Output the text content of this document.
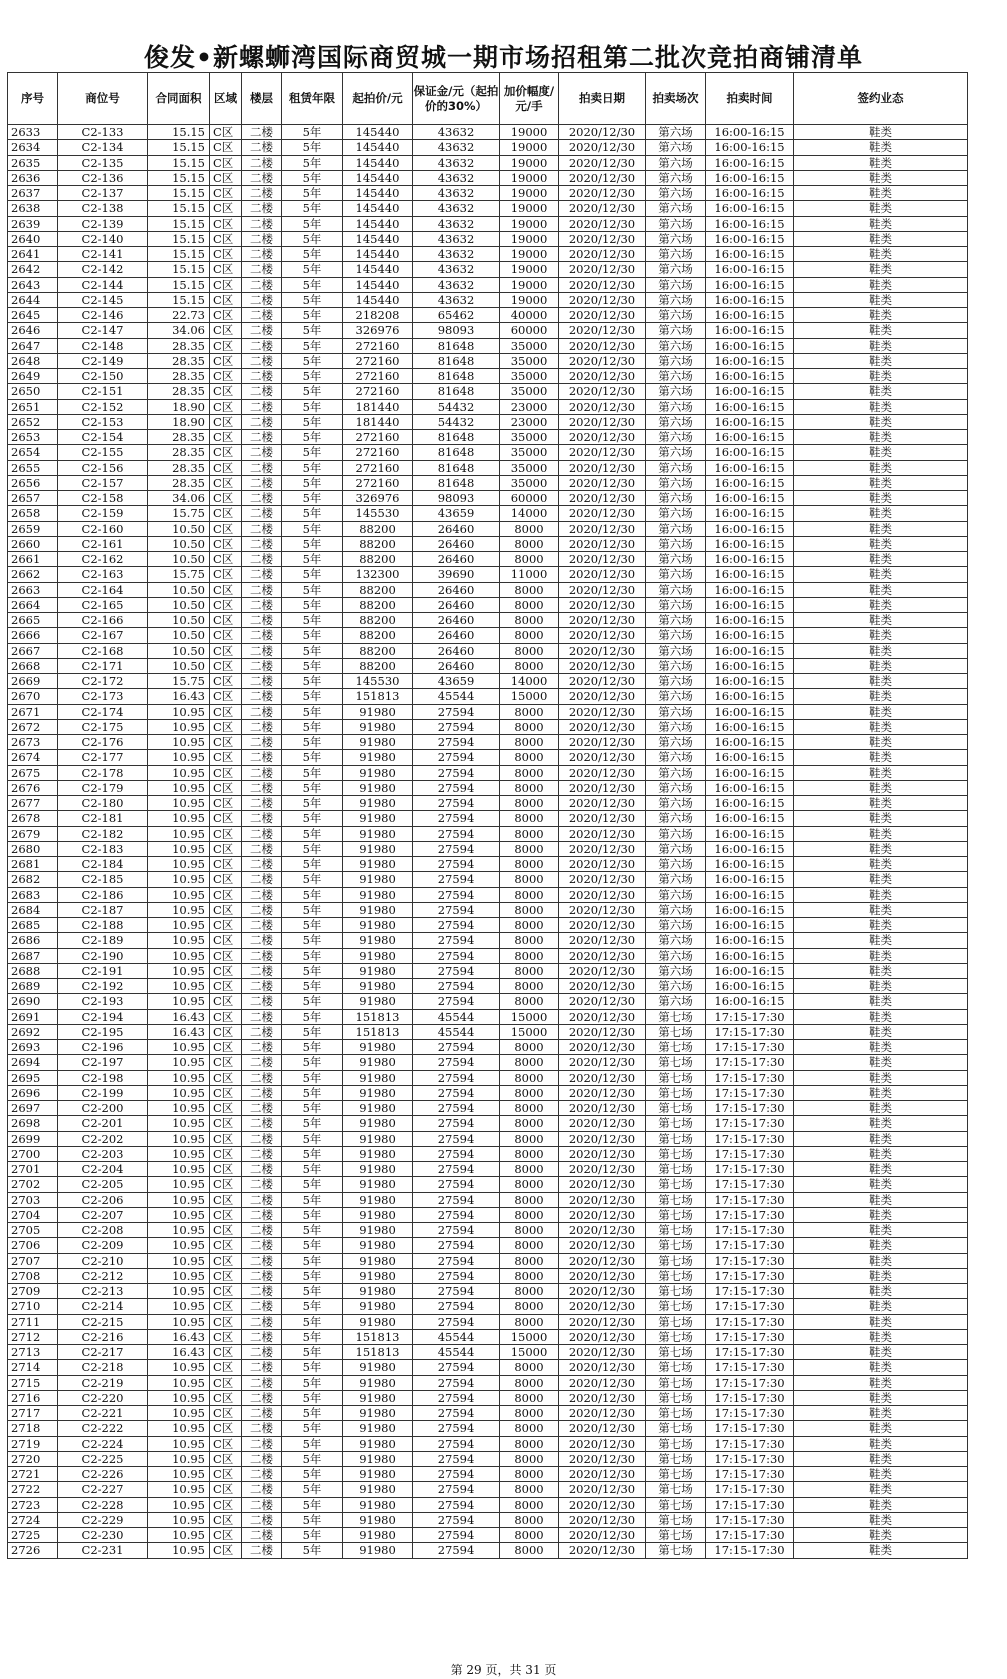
俊发•新螺蛳湾国际商贸城一期市场招租第二批次竞拍商铺清单
序号	商位号	合同面积	区域	楼层	租赁年限	起拍价/元	保证金/元（起拍价的30%）	加价幅度/元/手	拍卖日期	拍卖场次	拍卖时间	签约业态
2633	C2-133	15.15	C区	二楼	5年	145440	43632	19000	2020/12/30	第六场	16:00-16:15	鞋类
2634	C2-134	15.15	C区	二楼	5年	145440	43632	19000	2020/12/30	第六场	16:00-16:15	鞋类
2635	C2-135	15.15	C区	二楼	5年	145440	43632	19000	2020/12/30	第六场	16:00-16:15	鞋类
2636	C2-136	15.15	C区	二楼	5年	145440	43632	19000	2020/12/30	第六场	16:00-16:15	鞋类
2637	C2-137	15.15	C区	二楼	5年	145440	43632	19000	2020/12/30	第六场	16:00-16:15	鞋类
2638	C2-138	15.15	C区	二楼	5年	145440	43632	19000	2020/12/30	第六场	16:00-16:15	鞋类
2639	C2-139	15.15	C区	二楼	5年	145440	43632	19000	2020/12/30	第六场	16:00-16:15	鞋类
2640	C2-140	15.15	C区	二楼	5年	145440	43632	19000	2020/12/30	第六场	16:00-16:15	鞋类
2641	C2-141	15.15	C区	二楼	5年	145440	43632	19000	2020/12/30	第六场	16:00-16:15	鞋类
2642	C2-142	15.15	C区	二楼	5年	145440	43632	19000	2020/12/30	第六场	16:00-16:15	鞋类
2643	C2-144	15.15	C区	二楼	5年	145440	43632	19000	2020/12/30	第六场	16:00-16:15	鞋类
2644	C2-145	15.15	C区	二楼	5年	145440	43632	19000	2020/12/30	第六场	16:00-16:15	鞋类
2645	C2-146	22.73	C区	二楼	5年	218208	65462	40000	2020/12/30	第六场	16:00-16:15	鞋类
2646	C2-147	34.06	C区	二楼	5年	326976	98093	60000	2020/12/30	第六场	16:00-16:15	鞋类
2647	C2-148	28.35	C区	二楼	5年	272160	81648	35000	2020/12/30	第六场	16:00-16:15	鞋类
2648	C2-149	28.35	C区	二楼	5年	272160	81648	35000	2020/12/30	第六场	16:00-16:15	鞋类
2649	C2-150	28.35	C区	二楼	5年	272160	81648	35000	2020/12/30	第六场	16:00-16:15	鞋类
2650	C2-151	28.35	C区	二楼	5年	272160	81648	35000	2020/12/30	第六场	16:00-16:15	鞋类
2651	C2-152	18.90	C区	二楼	5年	181440	54432	23000	2020/12/30	第六场	16:00-16:15	鞋类
2652	C2-153	18.90	C区	二楼	5年	181440	54432	23000	2020/12/30	第六场	16:00-16:15	鞋类
2653	C2-154	28.35	C区	二楼	5年	272160	81648	35000	2020/12/30	第六场	16:00-16:15	鞋类
2654	C2-155	28.35	C区	二楼	5年	272160	81648	35000	2020/12/30	第六场	16:00-16:15	鞋类
2655	C2-156	28.35	C区	二楼	5年	272160	81648	35000	2020/12/30	第六场	16:00-16:15	鞋类
2656	C2-157	28.35	C区	二楼	5年	272160	81648	35000	2020/12/30	第六场	16:00-16:15	鞋类
2657	C2-158	34.06	C区	二楼	5年	326976	98093	60000	2020/12/30	第六场	16:00-16:15	鞋类
2658	C2-159	15.75	C区	二楼	5年	145530	43659	14000	2020/12/30	第六场	16:00-16:15	鞋类
2659	C2-160	10.50	C区	二楼	5年	88200	26460	8000	2020/12/30	第六场	16:00-16:15	鞋类
2660	C2-161	10.50	C区	二楼	5年	88200	26460	8000	2020/12/30	第六场	16:00-16:15	鞋类
2661	C2-162	10.50	C区	二楼	5年	88200	26460	8000	2020/12/30	第六场	16:00-16:15	鞋类
2662	C2-163	15.75	C区	二楼	5年	132300	39690	11000	2020/12/30	第六场	16:00-16:15	鞋类
2663	C2-164	10.50	C区	二楼	5年	88200	26460	8000	2020/12/30	第六场	16:00-16:15	鞋类
2664	C2-165	10.50	C区	二楼	5年	88200	26460	8000	2020/12/30	第六场	16:00-16:15	鞋类
2665	C2-166	10.50	C区	二楼	5年	88200	26460	8000	2020/12/30	第六场	16:00-16:15	鞋类
2666	C2-167	10.50	C区	二楼	5年	88200	26460	8000	2020/12/30	第六场	16:00-16:15	鞋类
2667	C2-168	10.50	C区	二楼	5年	88200	26460	8000	2020/12/30	第六场	16:00-16:15	鞋类
2668	C2-171	10.50	C区	二楼	5年	88200	26460	8000	2020/12/30	第六场	16:00-16:15	鞋类
2669	C2-172	15.75	C区	二楼	5年	145530	43659	14000	2020/12/30	第六场	16:00-16:15	鞋类
2670	C2-173	16.43	C区	二楼	5年	151813	45544	15000	2020/12/30	第六场	16:00-16:15	鞋类
2671	C2-174	10.95	C区	二楼	5年	91980	27594	8000	2020/12/30	第六场	16:00-16:15	鞋类
2672	C2-175	10.95	C区	二楼	5年	91980	27594	8000	2020/12/30	第六场	16:00-16:15	鞋类
2673	C2-176	10.95	C区	二楼	5年	91980	27594	8000	2020/12/30	第六场	16:00-16:15	鞋类
2674	C2-177	10.95	C区	二楼	5年	91980	27594	8000	2020/12/30	第六场	16:00-16:15	鞋类
2675	C2-178	10.95	C区	二楼	5年	91980	27594	8000	2020/12/30	第六场	16:00-16:15	鞋类
2676	C2-179	10.95	C区	二楼	5年	91980	27594	8000	2020/12/30	第六场	16:00-16:15	鞋类
2677	C2-180	10.95	C区	二楼	5年	91980	27594	8000	2020/12/30	第六场	16:00-16:15	鞋类
2678	C2-181	10.95	C区	二楼	5年	91980	27594	8000	2020/12/30	第六场	16:00-16:15	鞋类
2679	C2-182	10.95	C区	二楼	5年	91980	27594	8000	2020/12/30	第六场	16:00-16:15	鞋类
2680	C2-183	10.95	C区	二楼	5年	91980	27594	8000	2020/12/30	第六场	16:00-16:15	鞋类
2681	C2-184	10.95	C区	二楼	5年	91980	27594	8000	2020/12/30	第六场	16:00-16:15	鞋类
2682	C2-185	10.95	C区	二楼	5年	91980	27594	8000	2020/12/30	第六场	16:00-16:15	鞋类
2683	C2-186	10.95	C区	二楼	5年	91980	27594	8000	2020/12/30	第六场	16:00-16:15	鞋类
2684	C2-187	10.95	C区	二楼	5年	91980	27594	8000	2020/12/30	第六场	16:00-16:15	鞋类
2685	C2-188	10.95	C区	二楼	5年	91980	27594	8000	2020/12/30	第六场	16:00-16:15	鞋类
2686	C2-189	10.95	C区	二楼	5年	91980	27594	8000	2020/12/30	第六场	16:00-16:15	鞋类
2687	C2-190	10.95	C区	二楼	5年	91980	27594	8000	2020/12/30	第六场	16:00-16:15	鞋类
2688	C2-191	10.95	C区	二楼	5年	91980	27594	8000	2020/12/30	第六场	16:00-16:15	鞋类
2689	C2-192	10.95	C区	二楼	5年	91980	27594	8000	2020/12/30	第六场	16:00-16:15	鞋类
2690	C2-193	10.95	C区	二楼	5年	91980	27594	8000	2020/12/30	第六场	16:00-16:15	鞋类
2691	C2-194	16.43	C区	二楼	5年	151813	45544	15000	2020/12/30	第七场	17:15-17:30	鞋类
2692	C2-195	16.43	C区	二楼	5年	151813	45544	15000	2020/12/30	第七场	17:15-17:30	鞋类
2693	C2-196	10.95	C区	二楼	5年	91980	27594	8000	2020/12/30	第七场	17:15-17:30	鞋类
2694	C2-197	10.95	C区	二楼	5年	91980	27594	8000	2020/12/30	第七场	17:15-17:30	鞋类
2695	C2-198	10.95	C区	二楼	5年	91980	27594	8000	2020/12/30	第七场	17:15-17:30	鞋类
2696	C2-199	10.95	C区	二楼	5年	91980	27594	8000	2020/12/30	第七场	17:15-17:30	鞋类
2697	C2-200	10.95	C区	二楼	5年	91980	27594	8000	2020/12/30	第七场	17:15-17:30	鞋类
2698	C2-201	10.95	C区	二楼	5年	91980	27594	8000	2020/12/30	第七场	17:15-17:30	鞋类
2699	C2-202	10.95	C区	二楼	5年	91980	27594	8000	2020/12/30	第七场	17:15-17:30	鞋类
2700	C2-203	10.95	C区	二楼	5年	91980	27594	8000	2020/12/30	第七场	17:15-17:30	鞋类
2701	C2-204	10.95	C区	二楼	5年	91980	27594	8000	2020/12/30	第七场	17:15-17:30	鞋类
2702	C2-205	10.95	C区	二楼	5年	91980	27594	8000	2020/12/30	第七场	17:15-17:30	鞋类
2703	C2-206	10.95	C区	二楼	5年	91980	27594	8000	2020/12/30	第七场	17:15-17:30	鞋类
2704	C2-207	10.95	C区	二楼	5年	91980	27594	8000	2020/12/30	第七场	17:15-17:30	鞋类
2705	C2-208	10.95	C区	二楼	5年	91980	27594	8000	2020/12/30	第七场	17:15-17:30	鞋类
2706	C2-209	10.95	C区	二楼	5年	91980	27594	8000	2020/12/30	第七场	17:15-17:30	鞋类
2707	C2-210	10.95	C区	二楼	5年	91980	27594	8000	2020/12/30	第七场	17:15-17:30	鞋类
2708	C2-212	10.95	C区	二楼	5年	91980	27594	8000	2020/12/30	第七场	17:15-17:30	鞋类
2709	C2-213	10.95	C区	二楼	5年	91980	27594	8000	2020/12/30	第七场	17:15-17:30	鞋类
2710	C2-214	10.95	C区	二楼	5年	91980	27594	8000	2020/12/30	第七场	17:15-17:30	鞋类
2711	C2-215	10.95	C区	二楼	5年	91980	27594	8000	2020/12/30	第七场	17:15-17:30	鞋类
2712	C2-216	16.43	C区	二楼	5年	151813	45544	15000	2020/12/30	第七场	17:15-17:30	鞋类
2713	C2-217	16.43	C区	二楼	5年	151813	45544	15000	2020/12/30	第七场	17:15-17:30	鞋类
2714	C2-218	10.95	C区	二楼	5年	91980	27594	8000	2020/12/30	第七场	17:15-17:30	鞋类
2715	C2-219	10.95	C区	二楼	5年	91980	27594	8000	2020/12/30	第七场	17:15-17:30	鞋类
2716	C2-220	10.95	C区	二楼	5年	91980	27594	8000	2020/12/30	第七场	17:15-17:30	鞋类
2717	C2-221	10.95	C区	二楼	5年	91980	27594	8000	2020/12/30	第七场	17:15-17:30	鞋类
2718	C2-222	10.95	C区	二楼	5年	91980	27594	8000	2020/12/30	第七场	17:15-17:30	鞋类
2719	C2-224	10.95	C区	二楼	5年	91980	27594	8000	2020/12/30	第七场	17:15-17:30	鞋类
2720	C2-225	10.95	C区	二楼	5年	91980	27594	8000	2020/12/30	第七场	17:15-17:30	鞋类
2721	C2-226	10.95	C区	二楼	5年	91980	27594	8000	2020/12/30	第七场	17:15-17:30	鞋类
2722	C2-227	10.95	C区	二楼	5年	91980	27594	8000	2020/12/30	第七场	17:15-17:30	鞋类
2723	C2-228	10.95	C区	二楼	5年	91980	27594	8000	2020/12/30	第七场	17:15-17:30	鞋类
2724	C2-229	10.95	C区	二楼	5年	91980	27594	8000	2020/12/30	第七场	17:15-17:30	鞋类
2725	C2-230	10.95	C区	二楼	5年	91980	27594	8000	2020/12/30	第七场	17:15-17:30	鞋类
2726	C2-231	10.95	C区	二楼	5年	91980	27594	8000	2020/12/30	第七场	17:15-17:30	鞋类
第 29 页，共 31 页
